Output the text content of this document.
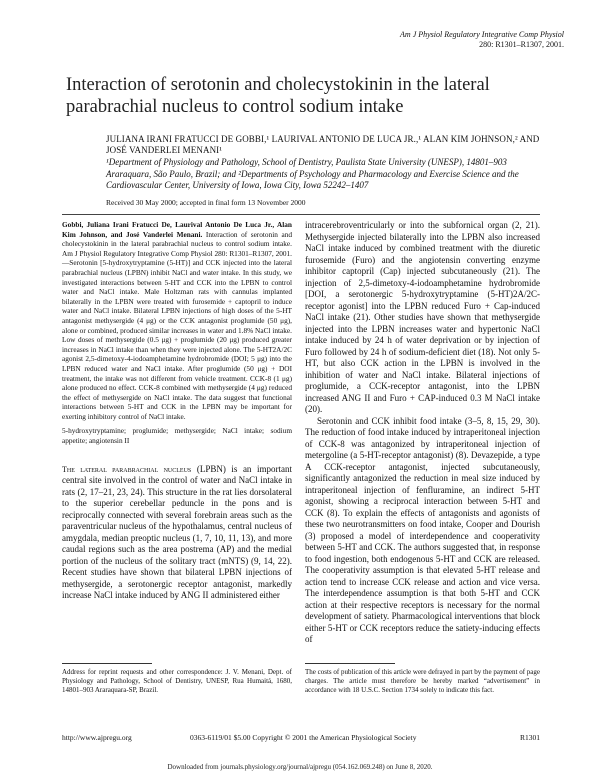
Am J Physiol Regulatory Integrative Comp Physiol
280: R1301–R1307, 2001.
Interaction of serotonin and cholecystokinin in the lateral parabrachial nucleus to control sodium intake
JULIANA IRANI FRATUCCI DE GOBBI,¹ LAURIVAL ANTONIO DE LUCA JR.,¹ ALAN KIM JOHNSON,² AND JOSÉ VANDERLEI MENANI¹
¹Department of Physiology and Pathology, School of Dentistry, Paulista State University (UNESP), 14801–903 Araraquara, São Paulo, Brazil; and ²Departments of Psychology and Pharmacology and Exercise Science and the Cardiovascular Center, University of Iowa, Iowa City, Iowa 52242–1407
Received 30 May 2000; accepted in final form 13 November 2000

Gobbi, Juliana Irani Fratucci De, Laurival Antonio De Luca Jr., Alan Kim Johnson, and José Vanderlei Menani. Interaction of serotonin and cholecystokinin in the lateral parabrachial nucleus to control sodium intake. Am J Physiol Regulatory Integrative Comp Physiol 280: R1301–R1307, 2001.—Serotonin [5-hydroxytryptamine (5-HT)] and CCK injected into the lateral parabrachial nucleus (LPBN) inhibit NaCl and water intake. In this study, we investigated interactions between 5-HT and CCK into the LPBN to control water and NaCl intake. Male Holtzman rats with cannulas implanted bilaterally in the LPBN were treated with furosemide + captopril to induce water and NaCl intake. Bilateral LPBN injections of high doses of the 5-HT antagonist methysergide (4 μg) or the CCK antagonist proglumide (50 μg), alone or combined, produced similar increases in water and 1.8% NaCl intake. Low doses of methysergide (0.5 μg) + proglumide (20 μg) produced greater increases in NaCl intake than when they were injected alone. The 5-HT2A/2C agonist 2,5-dimetoxy-4-iodoamphetamine hydrobromide (DOI; 5 μg) into the LPBN reduced water and NaCl intake. After proglumide (50 μg) + DOI treatment, the intake was not different from vehicle treatment. CCK-8 (1 μg) alone produced no effect. CCK-8 combined with methysergide (4 μg) reduced the effect of methysergide on NaCl intake. The data suggest that functional interactions between 5-HT and CCK in the LPBN may be important for exerting inhibitory control of NaCl intake.

5-hydroxytryptamine; proglumide; methysergide; NaCl intake; sodium appetite; angiotensin II

The lateral parabrachial nucleus (LPBN) is an important central site involved in the control of water and NaCl intake in rats (2, 17–21, 23, 24). This structure in the rat lies dorsolateral to the superior cerebellar peduncle in the pons and is reciprocally connected with several forebrain areas such as the paraventricular nucleus of the hypothalamus, central nucleus of amygdala, median preoptic nucleus (1, 7, 10, 11, 13), and more caudal regions such as the area postrema (AP) and the medial portion of the nucleus of the solitary tract (mNTS) (9, 14, 22). Recent studies have shown that bilateral LPBN injections of methysergide, a serotonergic receptor antagonist, markedly increase NaCl intake induced by ANG II administered either

intracerebroventricularly or into the subfornical organ (2, 21). Methysergide injected bilaterally into the LPBN also increased NaCl intake induced by combined treatment with the diuretic furosemide (Furo) and the angiotensin converting enzyme inhibitor captopril (Cap) injected subcutaneously (21). The injection of 2,5-dimetoxy-4-iodoamphetamine hydrobromide [DOI, a serotonergic 5-hydroxytryptamine (5-HT)2A/2C-receptor agonist] into the LPBN reduced Furo + Cap-induced NaCl intake (21). Other studies have shown that methysergide injected into the LPBN increases water and hypertonic NaCl intake induced by 24 h of water deprivation or by injection of Furo followed by 24 h of sodium-deficient diet (18). Not only 5-HT, but also CCK action in the LPBN is involved in the inhibition of water and NaCl intake. Bilateral injections of proglumide, a CCK-receptor antagonist, into the LPBN increased ANG II and Furo + CAP-induced 0.3 M NaCl intake (20).

Serotonin and CCK inhibit food intake (3–5, 8, 15, 29, 30). The reduction of food intake induced by intraperitoneal injection of CCK-8 was antagonized by intraperitoneal injection of metergoline (a 5-HT-receptor antagonist) (8). Devazepide, a type A CCK-receptor antagonist, injected subcutaneously, significantly antagonized the reduction in meal size induced by intraperitoneal injection of fenfluramine, an indirect 5-HT agonist, showing a reciprocal interaction between 5-HT and CCK (8). To explain the effects of antagonists and agonists of these two neurotransmitters on food intake, Cooper and Dourish (3) proposed a model of interdependence and cooperativity between 5-HT and CCK. The authors suggested that, in response to food ingestion, both endogenous 5-HT and CCK are released. The cooperativity assumption is that elevated 5-HT release and action tend to increase CCK release and action and vice versa. The interdependence assumption is that both 5-HT and CCK action at their respective receptors is necessary for the normal development of satiety. Pharmacological interventions that block either 5-HT or CCK receptors reduce the satiety-inducing effects of

Address for reprint requests and other correspondence: J. V. Menani, Dept. of Physiology and Pathology, School of Dentistry, UNESP, Rua Humaitá, 1680, 14801–903 Araraquara-SP, Brazil.
The costs of publication of this article were defrayed in part by the payment of page charges. The article must therefore be hereby marked “advertisement” in accordance with 18 U.S.C. Section 1734 solely to indicate this fact.
http://www.ajpregu.org	0363-6119/01 $5.00 Copyright © 2001 the American Physiological Society	R1301
Downloaded from journals.physiology.org/journal/ajpregu (054.162.069.248) on June 8, 2020.
